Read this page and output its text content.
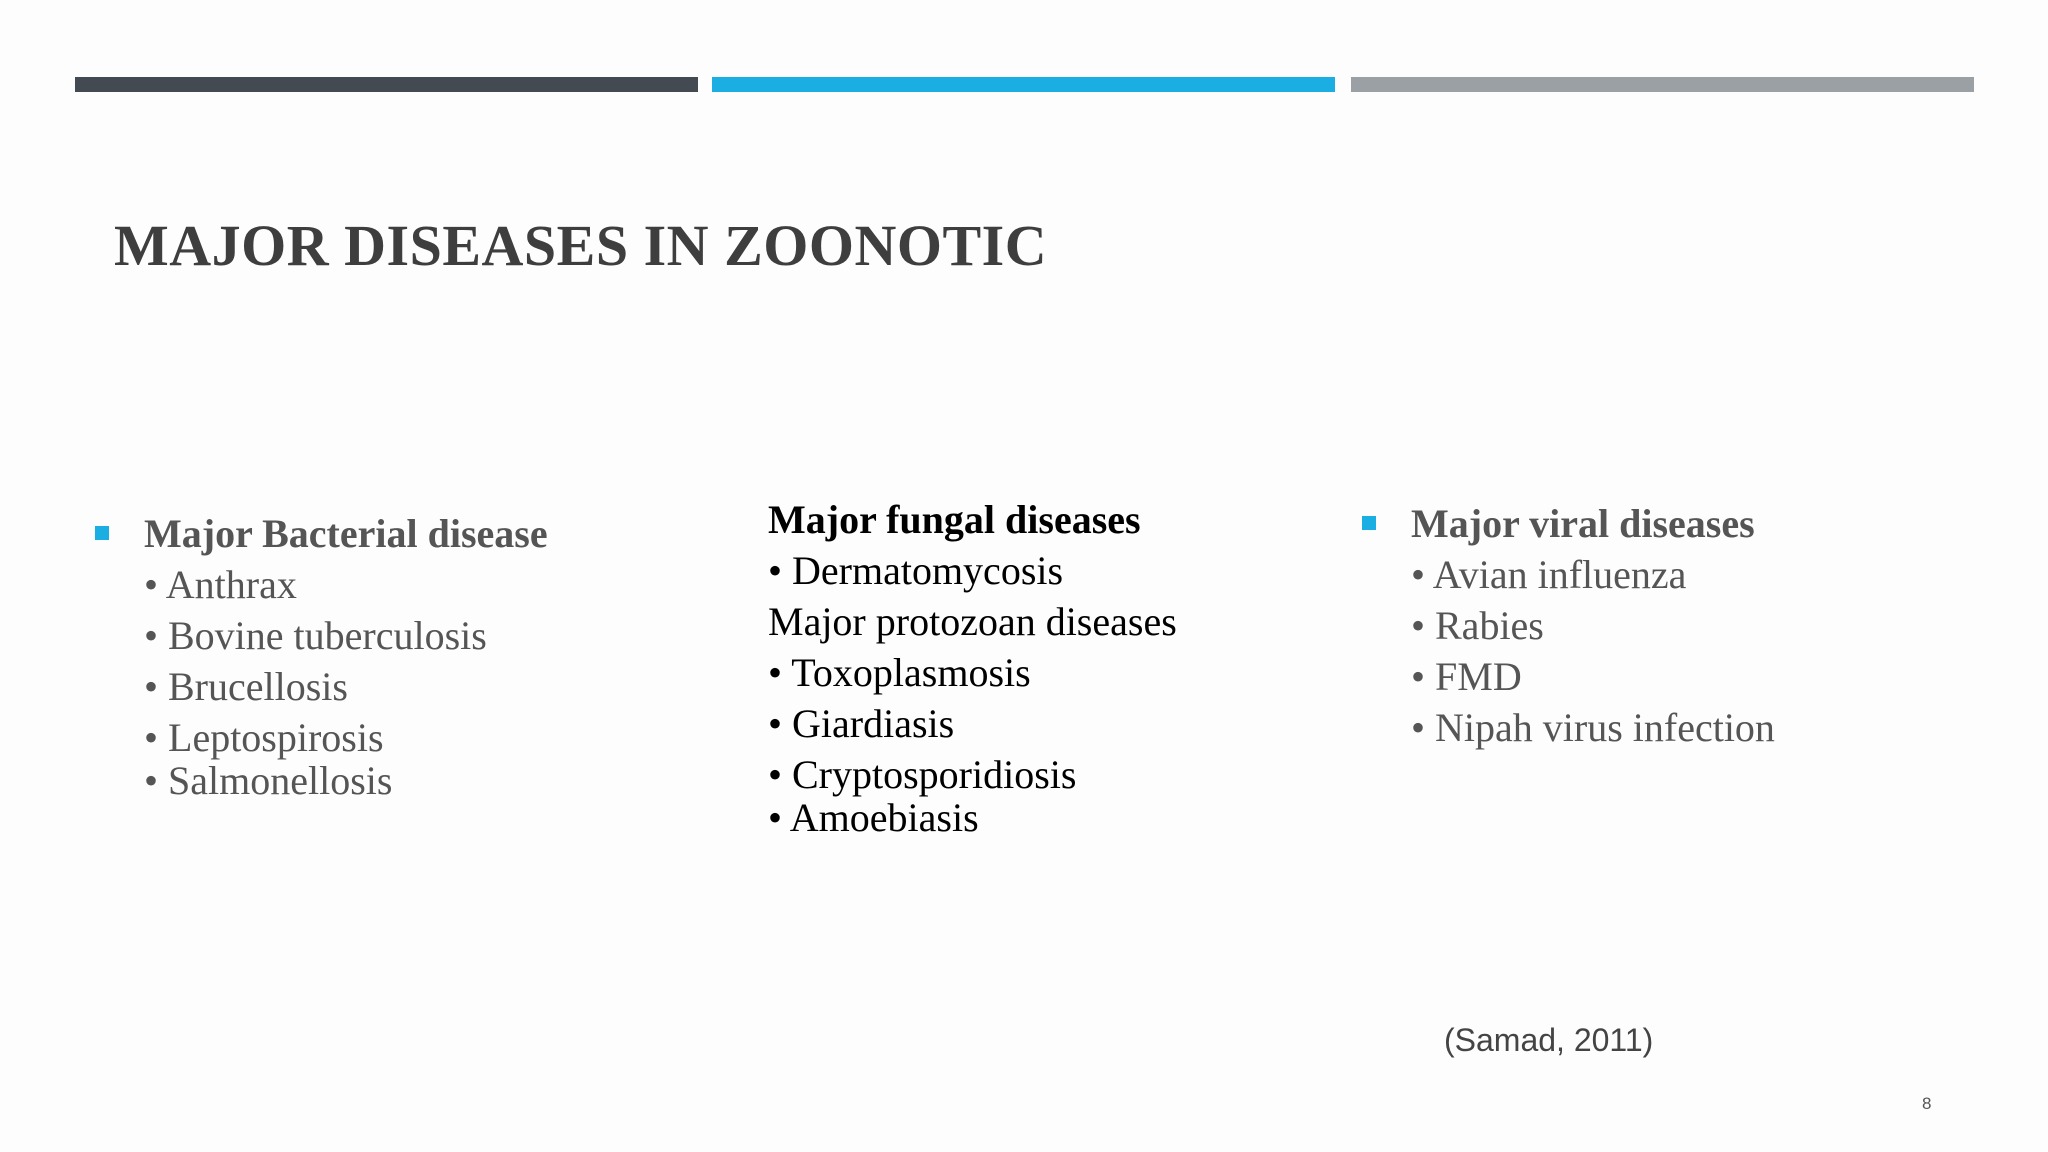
MAJOR DISEASES IN ZOONOTIC
Major Bacterial disease
• Anthrax
• Bovine tuberculosis
• Brucellosis
• Leptospirosis
• Salmonellosis
Major fungal diseases
• Dermatomycosis
Major protozoan diseases
• Toxoplasmosis
• Giardiasis
• Cryptosporidiosis
• Amoebiasis
Major viral diseases
• Avian influenza
• Rabies
• FMD
• Nipah virus infection
(Samad, 2011)
8
